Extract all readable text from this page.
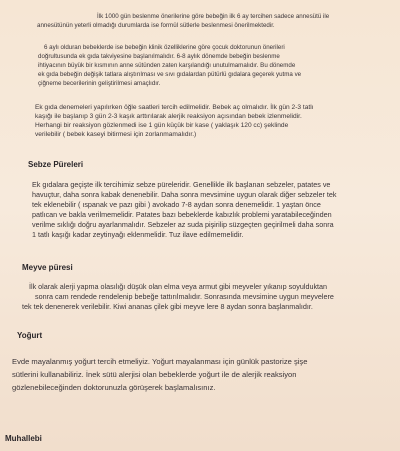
İlk 1000 gün beslenme önerilerine göre bebeğin ilk 6 ay tercihen sadece annesütü ile
annesütünün yeterli olmadığı durumlarda ise formül sütlerle beslenmesi önerilmektedir.
6 aylı olduran bebeklerde ise bebeğin klinik özelliklerine göre çocuk doktorunun önerileri
doğrultusunda ek gıda takviyesine başlanılmalıdır. 6-8 aylık dönemde bebeğin beslenme
ihtiyacının büyük bir kısmının anne sütünden zaten karşılandığı unutulmamalıdır. Bu dönemde
ek gıda bebeğin değişik tatlara alıştırılması ve sıvı gıdalardan pütürlü gıdalara geçerek yutma ve
çiğneme becerilerinin geliştirilmesi amaçlıdır.
Ek gıda denemeleri yapılırken öğle saatleri tercih edilmelidir. Bebek aç olmalıdır. İlk gün 2-3 tatlı
kaşığı ile başlanıp 3 gün 2-3 kaşık arttırılarak alerjik reaksiyon açısından bebek izlenmelidir.
Herhangi bir reaksiyon gözlenmedi ise 1 gün küçük bir kase ( yaklaşık 120 cc) şeklinde
verilebilir ( bebek kaseyi bitirmesi için zorlanmamalıdır.)
Ek gıdalara geçişte ilk tercihimiz sebze püreleridir. Genellikle ilk başlanan sebzeler, patates ve
havuçtur, daha sonra kabak denenebilir. Daha sonra mevsimine uygun olarak diğer sebzeler tek
tek eklenebilir ( ıspanak ve pazı gibi ) avokado 7-8 aydan sonra denemelidir. 1 yaştan önce
patlıcan ve bakla verilmemelidir. Patates bazı bebeklerde kabızlık problemi yaratabileceğinden
verilme sıklığı doğru ayarlanmalıdır. Sebzeler az suda pişirilip süzgeçten geçirilmeli daha sonra
1 tatlı kaşığı kadar zeytinyağı eklenmelidir. Tuz ilave edilmemelidir.
İlk olarak alerji yapma olasılığı düşük olan elma veya armut gibi meyveler yıkanıp soyulduktan
sonra cam rendede rendelenip bebeğe tattırılmalıdır. Sonrasında mevsimine uygun meyvelere
tek tek denenerek verilebilir. Kiwi ananas çilek gibi meyve lere 8 aydan sonra başlanmalıdır.
Evde mayalanmış yoğurt tercih etmeliyiz. Yoğurt mayalanması için günlük pastorize şişe
sütlerini kullanabiliriz. İnek sütü alerjisi olan bebeklerde yoğurt ile de alerjik reaksiyon
gözlenebileceğinden doktorunuzla görüşerek başlamalısınız.
Sebze Püreleri
Meyve püresi
Yoğurt
Muhallebi
